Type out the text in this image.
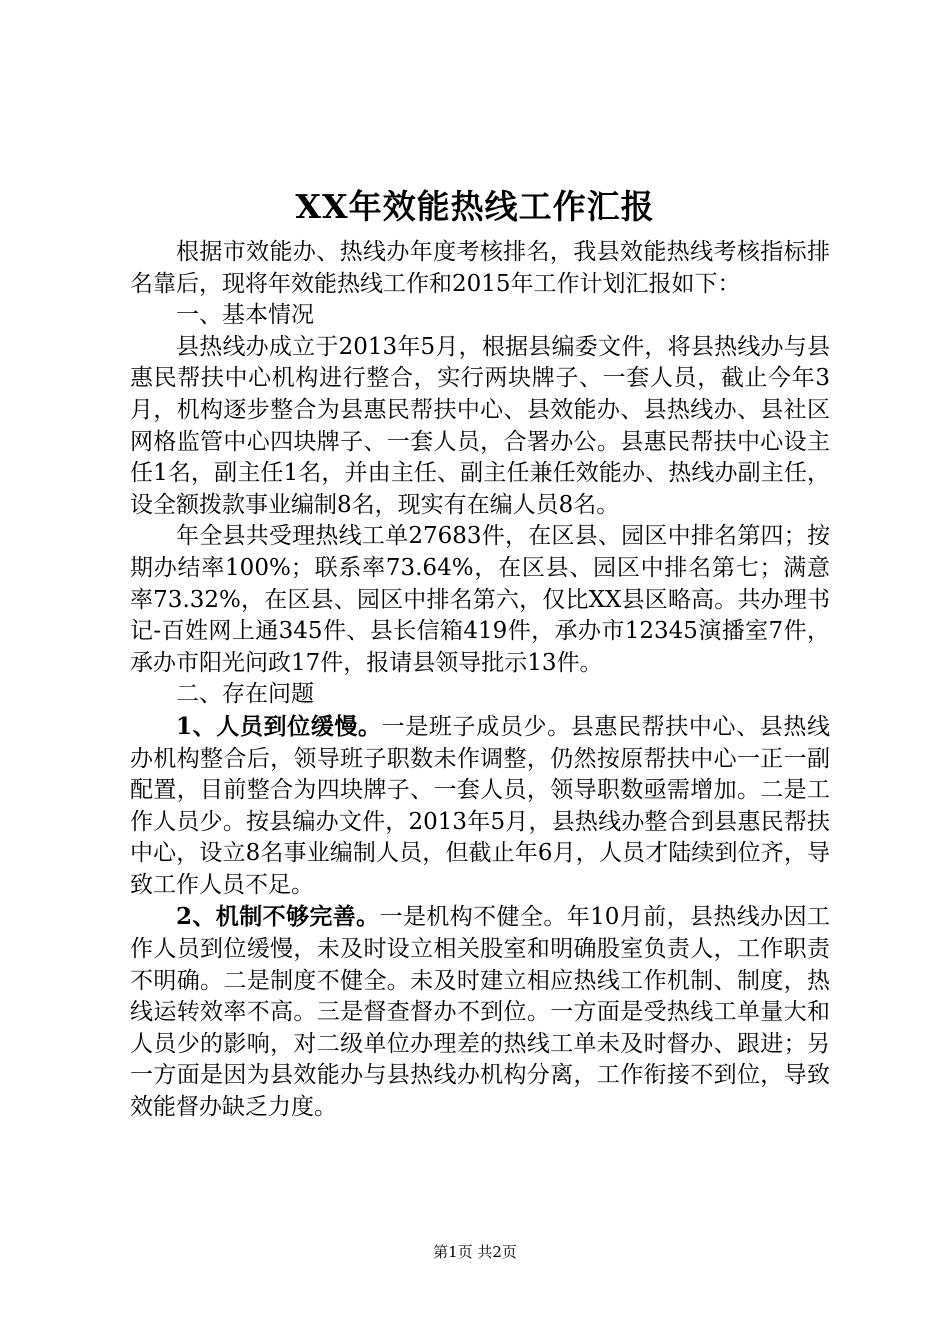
XX年效能热线工作汇报

根据市效能办、热线办年度考核排名，我县效能热线考核指标排名靠后，现将年效能热线工作和2015年工作计划汇报如下：

一、基本情况

县热线办成立于2013年5月，根据县编委文件，将县热线办与县惠民帮扶中心机构进行整合，实行两块牌子、一套人员，截止今年3月，机构逐步整合为县惠民帮扶中心、县效能办、县热线办、县社区网格监管中心四块牌子、一套人员，合署办公。县惠民帮扶中心设主任1名，副主任1名，并由主任、副主任兼任效能办、热线办副主任，设全额拨款事业编制8名，现实有在编人员8名。

年全县共受理热线工单27683件，在区县、园区中排名第四；按期办结率100%；联系率73.64%，在区县、园区中排名第七；满意率73.32%，在区县、园区中排名第六，仅比XX县区略高。共办理书记-百姓网上通345件、县长信箱419件，承办市12345演播室7件，承办市阳光问政17件，报请县领导批示13件。

二、存在问题

1、人员到位缓慢。一是班子成员少。县惠民帮扶中心、县热线办机构整合后，领导班子职数未作调整，仍然按原帮扶中心一正一副配置，目前整合为四块牌子、一套人员，领导职数亟需增加。二是工作人员少。按县编办文件，2013年5月，县热线办整合到县惠民帮扶中心，设立8名事业编制人员，但截止年6月，人员才陆续到位齐，导致工作人员不足。

2、机制不够完善。一是机构不健全。年10月前，县热线办因工作人员到位缓慢，未及时设立相关股室和明确股室负责人，工作职责不明确。二是制度不健全。未及时建立相应热线工作机制、制度，热线运转效率不高。三是督查督办不到位。一方面是受热线工单量大和人员少的影响，对二级单位办理差的热线工单未及时督办、跟进；另一方面是因为县效能办与县热线办机构分离，工作衔接不到位，导致效能督办缺乏力度。

第1页 共2页
